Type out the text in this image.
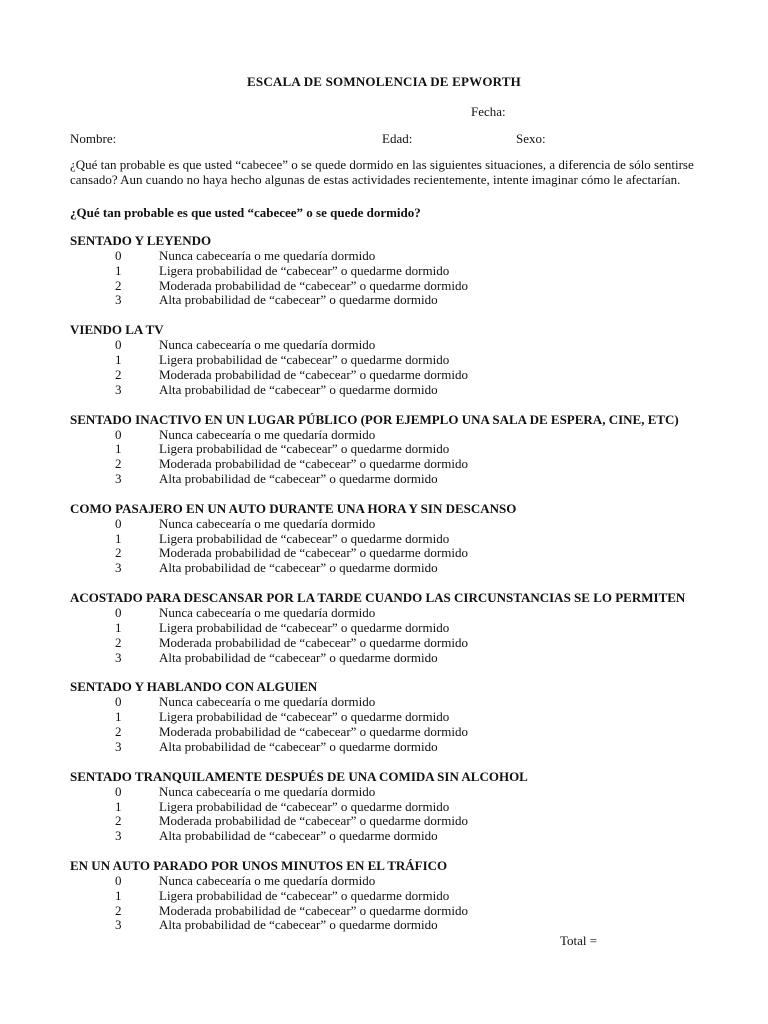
ESCALA DE SOMNOLENCIA DE EPWORTH
Fecha:
Nombre:	Edad:	Sexo:
¿Qué tan probable es que usted “cabecee” o se quede dormido en las siguientes situaciones, a diferencia de sólo sentirse cansado? Aun cuando no haya hecho algunas de estas actividades recientemente, intente imaginar cómo le afectarían.
¿Qué tan probable es que usted “cabecee” o se quede dormido?
SENTADO Y LEYENDO
0	Nunca cabecearía o me quedaría dormido
1	Ligera probabilidad de “cabecear” o quedarme dormido
2	Moderada probabilidad de “cabecear” o quedarme dormido
3	Alta probabilidad de “cabecear” o quedarme dormido
VIENDO LA TV
0	Nunca cabecearía o me quedaría dormido
1	Ligera probabilidad de “cabecear” o quedarme dormido
2	Moderada probabilidad de “cabecear” o quedarme dormido
3	Alta probabilidad de “cabecear” o quedarme dormido
SENTADO INACTIVO EN UN LUGAR PÚBLICO (POR EJEMPLO UNA SALA DE ESPERA, CINE, ETC)
0	Nunca cabecearía o me quedaría dormido
1	Ligera probabilidad de “cabecear” o quedarme dormido
2	Moderada probabilidad de “cabecear” o quedarme dormido
3	Alta probabilidad de “cabecear” o quedarme dormido
COMO PASAJERO EN UN AUTO DURANTE UNA HORA Y SIN DESCANSO
0	Nunca cabecearía o me quedaría dormido
1	Ligera probabilidad de “cabecear” o quedarme dormido
2	Moderada probabilidad de “cabecear” o quedarme dormido
3	Alta probabilidad de “cabecear” o quedarme dormido
ACOSTADO PARA DESCANSAR POR LA TARDE CUANDO LAS CIRCUNSTANCIAS SE LO PERMITEN
0	Nunca cabecearía o me quedaría dormido
1	Ligera probabilidad de “cabecear” o quedarme dormido
2	Moderada probabilidad de “cabecear” o quedarme dormido
3	Alta probabilidad de “cabecear” o quedarme dormido
SENTADO Y HABLANDO CON ALGUIEN
0	Nunca cabecearía o me quedaría dormido
1	Ligera probabilidad de “cabecear” o quedarme dormido
2	Moderada probabilidad de “cabecear” o quedarme dormido
3	Alta probabilidad de “cabecear” o quedarme dormido
SENTADO TRANQUILAMENTE DESPUÉS DE UNA COMIDA SIN ALCOHOL
0	Nunca cabecearía o me quedaría dormido
1	Ligera probabilidad de “cabecear” o quedarme dormido
2	Moderada probabilidad de “cabecear” o quedarme dormido
3	Alta probabilidad de “cabecear” o quedarme dormido
EN UN AUTO PARADO POR UNOS MINUTOS EN EL TRÁFICO
0	Nunca cabecearía o me quedaría dormido
1	Ligera probabilidad de “cabecear” o quedarme dormido
2	Moderada probabilidad de “cabecear” o quedarme dormido
3	Alta probabilidad de “cabecear” o quedarme dormido
Total =
